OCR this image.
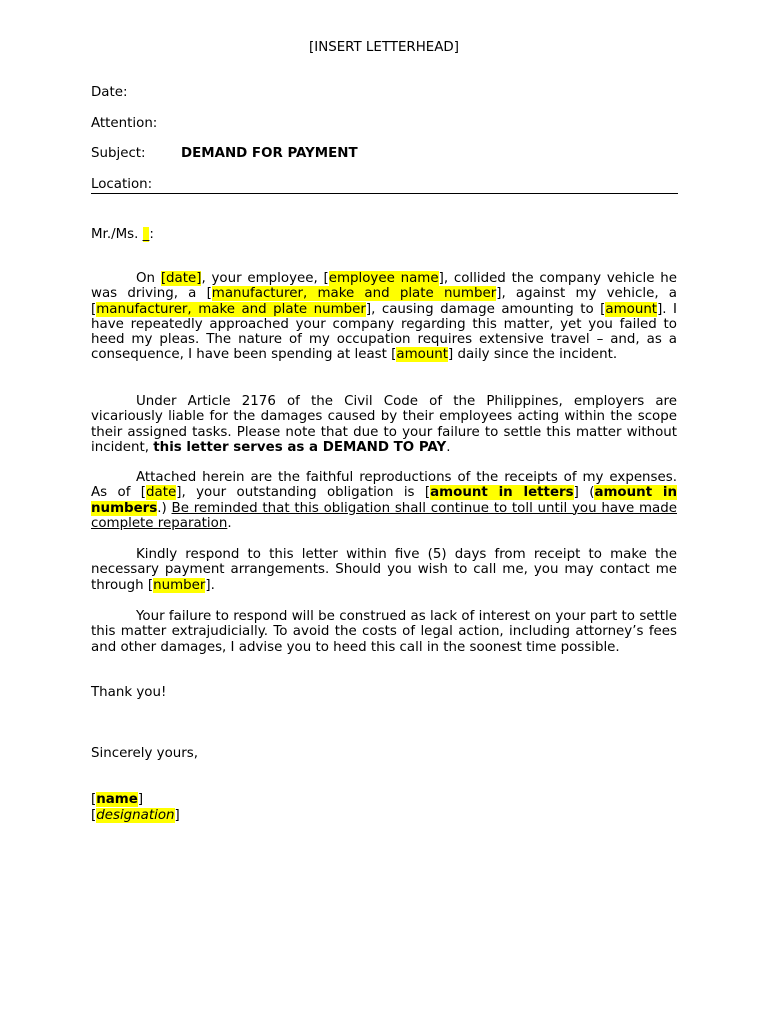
[INSERT LETTERHEAD]
Date:
Attention:
Subject:	DEMAND FOR PAYMENT
Location:
Mr./Ms. _:
On [date], your employee, [employee name], collided the company vehicle he was driving, a [manufacturer, make and plate number], against my vehicle, a [manufacturer, make and plate number], causing damage amounting to [amount]. I have repeatedly approached your company regarding this matter, yet you failed to heed my pleas. The nature of my occupation requires extensive travel – and, as a consequence, I have been spending at least [amount] daily since the incident.
Under Article 2176 of the Civil Code of the Philippines, employers are vicariously liable for the damages caused by their employees acting within the scope their assigned tasks. Please note that due to your failure to settle this matter without incident, this letter serves as a DEMAND TO PAY.
Attached herein are the faithful reproductions of the receipts of my expenses. As of [date], your outstanding obligation is [amount in letters] (amount in numbers.) Be reminded that this obligation shall continue to toll until you have made complete reparation.
Kindly respond to this letter within five (5) days from receipt to make the necessary payment arrangements. Should you wish to call me, you may contact me through [number].
Your failure to respond will be construed as lack of interest on your part to settle this matter extrajudicially. To avoid the costs of legal action, including attorney’s fees and other damages, I advise you to heed this call in the soonest time possible.
Thank you!
Sincerely yours,
[name]
[designation]
